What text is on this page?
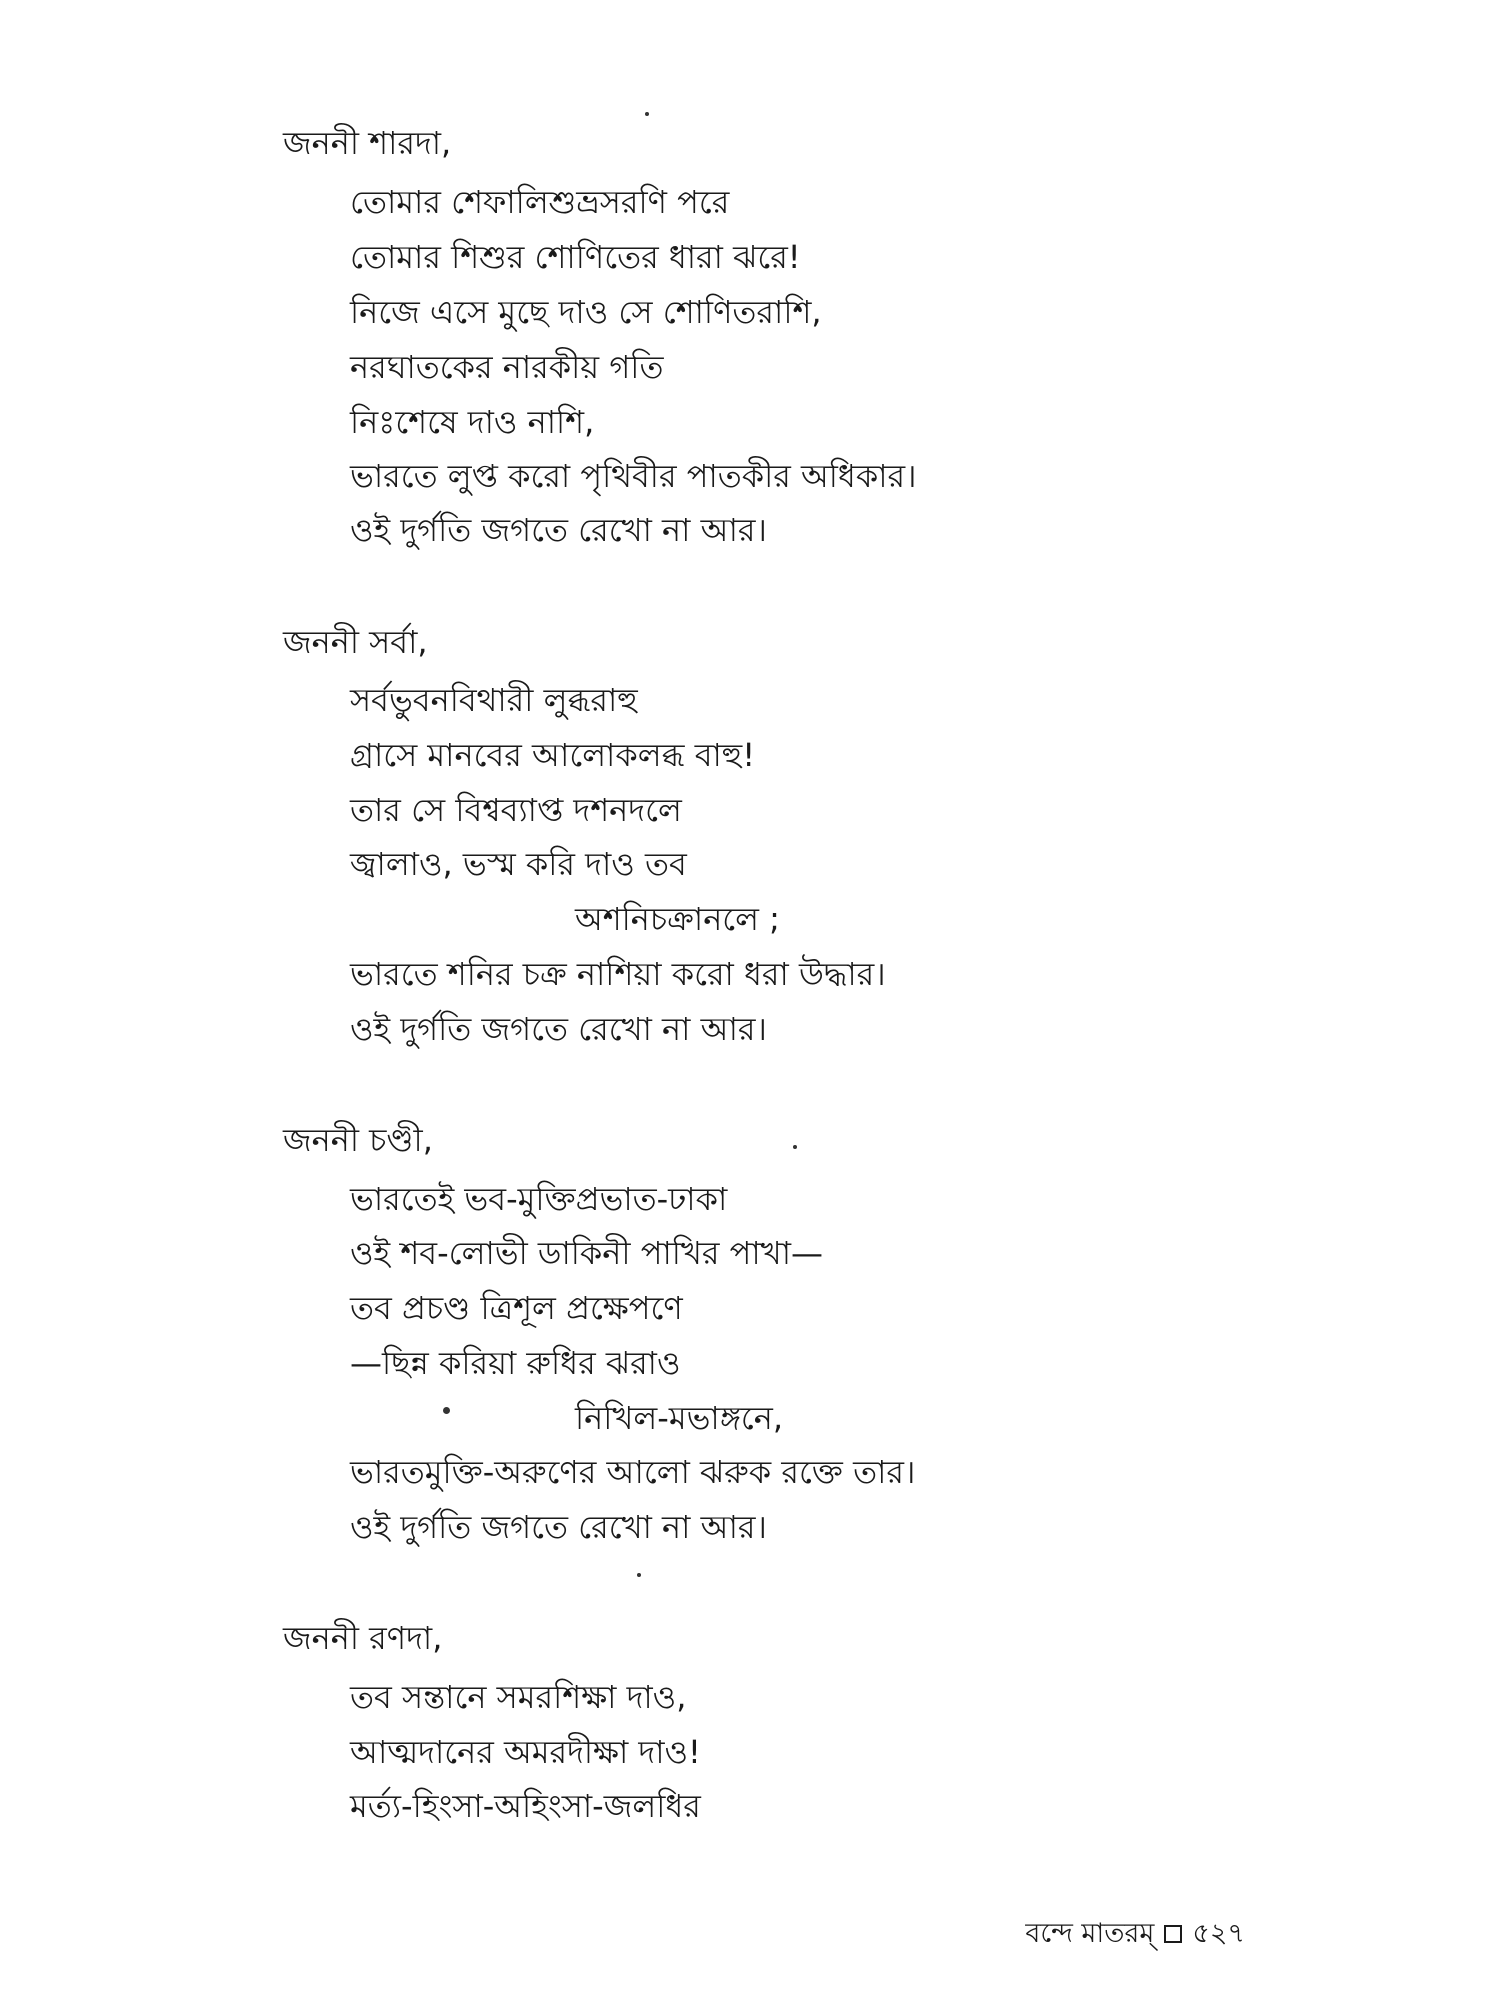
জননী শারদা,

তোমার শেফালিশুভ্রসরণি পরে

তোমার শিশুর শোণিতের ধারা ঝরে!

নিজে এসে মুছে দাও সে শোণিতরাশি,

নরঘাতকের নারকীয় গতি

নিঃশেষে দাও নাশি,

ভারতে লুপ্ত করো পৃথিবীর পাতকীর অধিকার।

ওই দুর্গতি জগতে রেখো না আর।

জননী সর্বা,

সর্বভুবনবিথারী লুব্ধরাহু

গ্রাসে মানবের আলোকলব্ধ বাহু!

তার সে বিশ্বব্যাপ্ত দশনদলে

জ্বালাও, ভস্ম করি দাও তব

অশনিচক্রানলে ;

ভারতে শনির চক্র নাশিয়া করো ধরা উদ্ধার।

ওই দুর্গতি জগতে রেখো না আর।

জননী চণ্ডী,

ভারতেই ভব-মুক্তিপ্রভাত-ঢাকা

ওই শব-লোভী ডাকিনী পাখির পাখা—

তব প্রচণ্ড ত্রিশূল প্রক্ষেপণে

—ছিন্ন করিয়া রুধির ঝরাও

নিখিল-মভাঙ্গনে,

ভারতমুক্তি-অরুণের আলো ঝরুক রক্তে তার।

ওই দুর্গতি জগতে রেখো না আর।

জননী রণদা,

তব সন্তানে সমরশিক্ষা দাও,

আত্মদানের অমরদীক্ষা দাও!

মর্ত্য-হিংসা-অহিংসা-জলধির

বন্দে মাতরম্ ৫২৭
